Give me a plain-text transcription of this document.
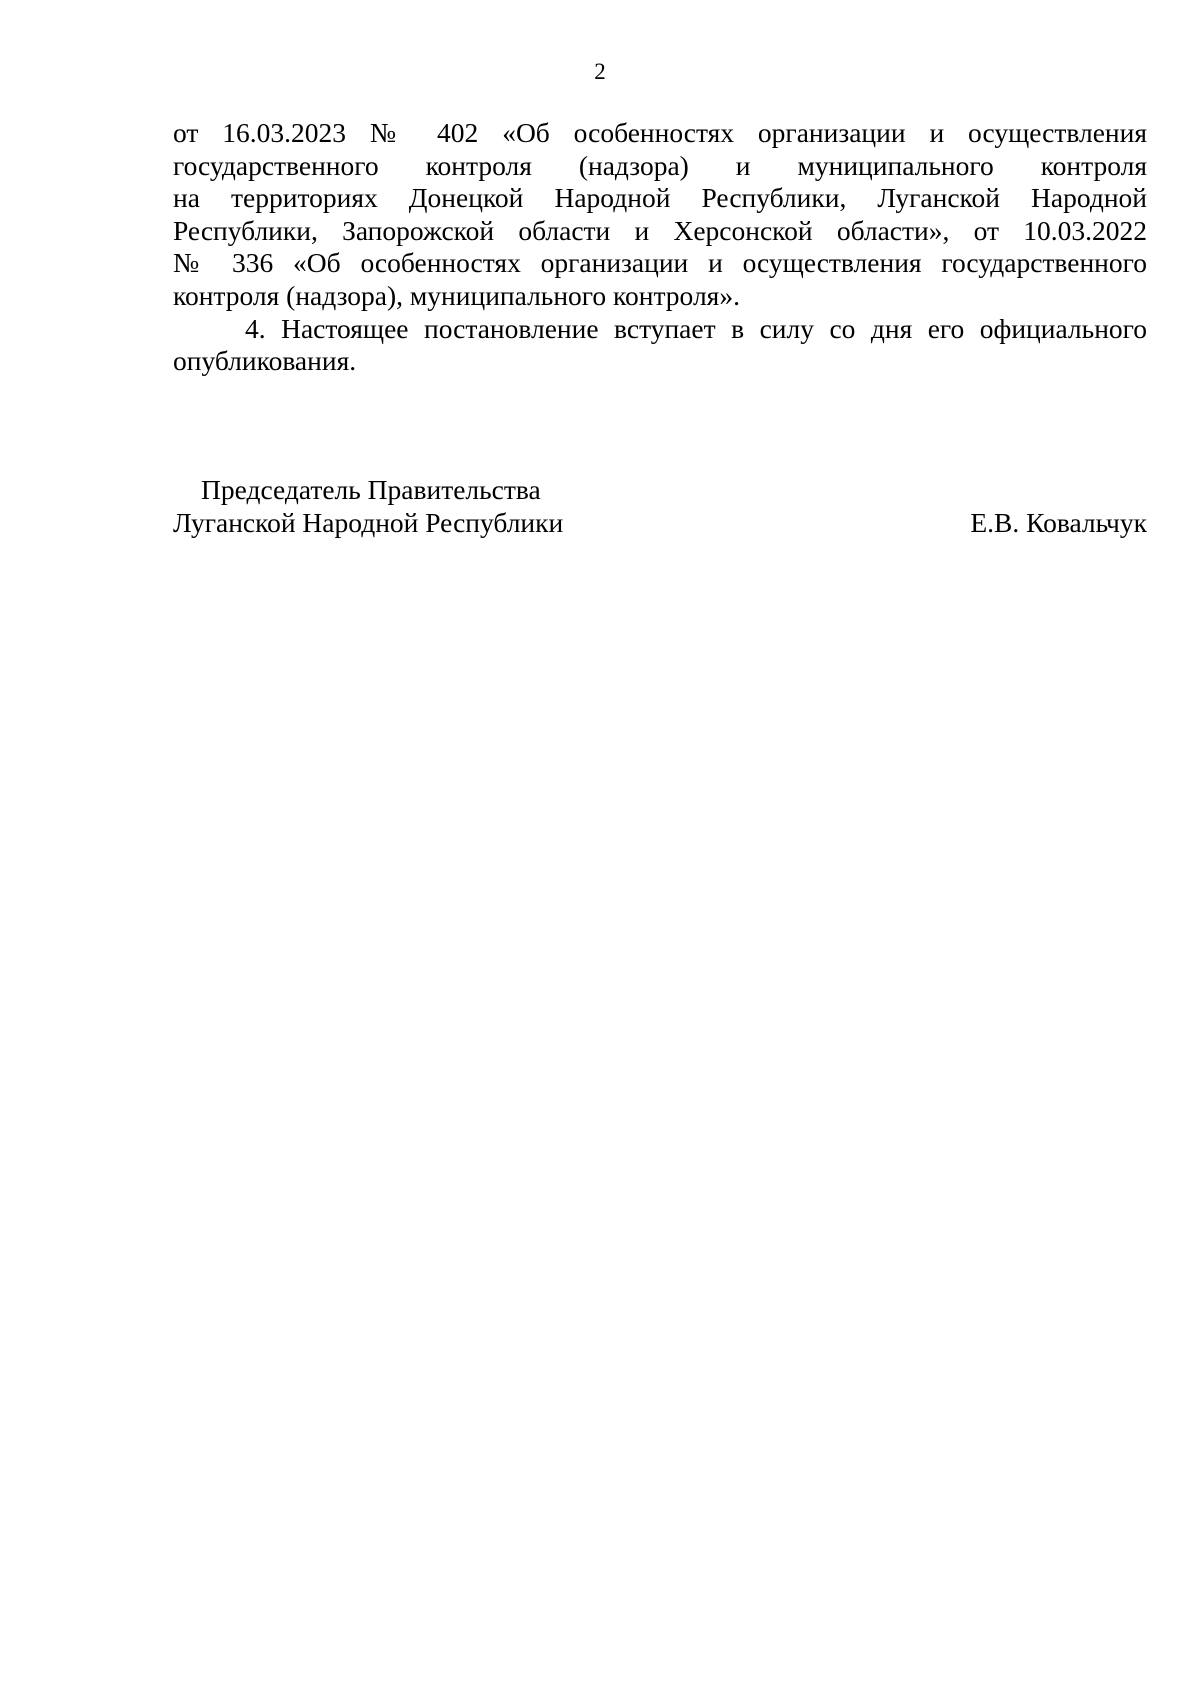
2
от 16.03.2023 № 402 «Об особенностях организации и осуществления
государственного контроля (надзора) и муниципального контроля
на территориях Донецкой Народной Республики, Луганской Народной
Республики, Запорожской области и Херсонской области», от 10.03.2022
№ 336 «Об особенностях организации и осуществления государственного
контроля (надзора), муниципального контроля».
4. Настоящее постановление вступает в силу со дня его официального
опубликования.
Председатель Правительства
Луганской Народной Республики	Е.В. Ковальчук
